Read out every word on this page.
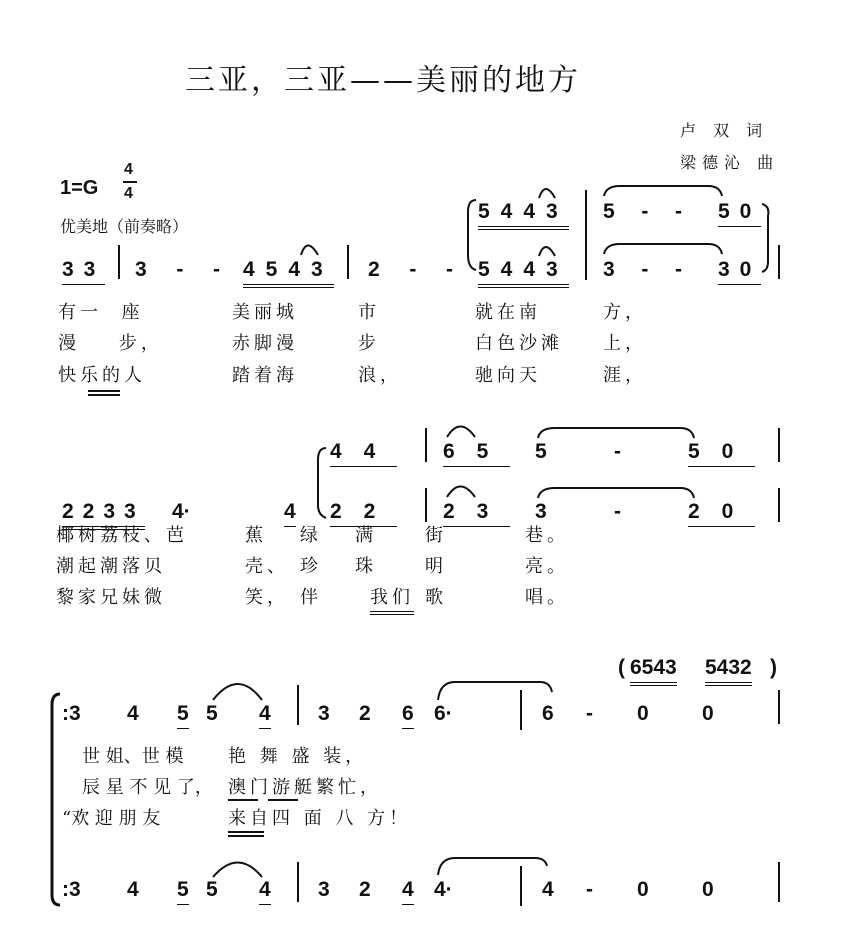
三亚，三亚——美丽的地方
卢 双 词
梁德沁 曲
1=G
4
4
优美地（前奏略）
33 3  -  - 4543 2  -  -
5443
5443
5  -  - 50
3  -  - 30
有一  座	美丽城	市	就在南	方，
漫    步，	赤脚漫	步	白色沙滩 上，
快乐的人	踏着海	浪，	驰向天	涯，
2233 4·	4
44
22
65 5	-	50
23 3	-	20
椰树荔枝、芭	蕉 绿 满	街	巷。
潮起潮落贝	壳、 珍 珠	明	亮。
黎家兄妹微	笑， 伴	我们 歌	唱。
( 6543 5432 )
:3 4 5 5 4 3 2 6 6·	6 - 0	0
世 姐、世 模 艳 舞 盛 装，
辰 星 不 见 了， 澳门游艇繁忙，
“欢 迎 朋 友	来自四 面 八 方！
:3 4 5 5 4 3 2 4 4·	4 - 0	0
